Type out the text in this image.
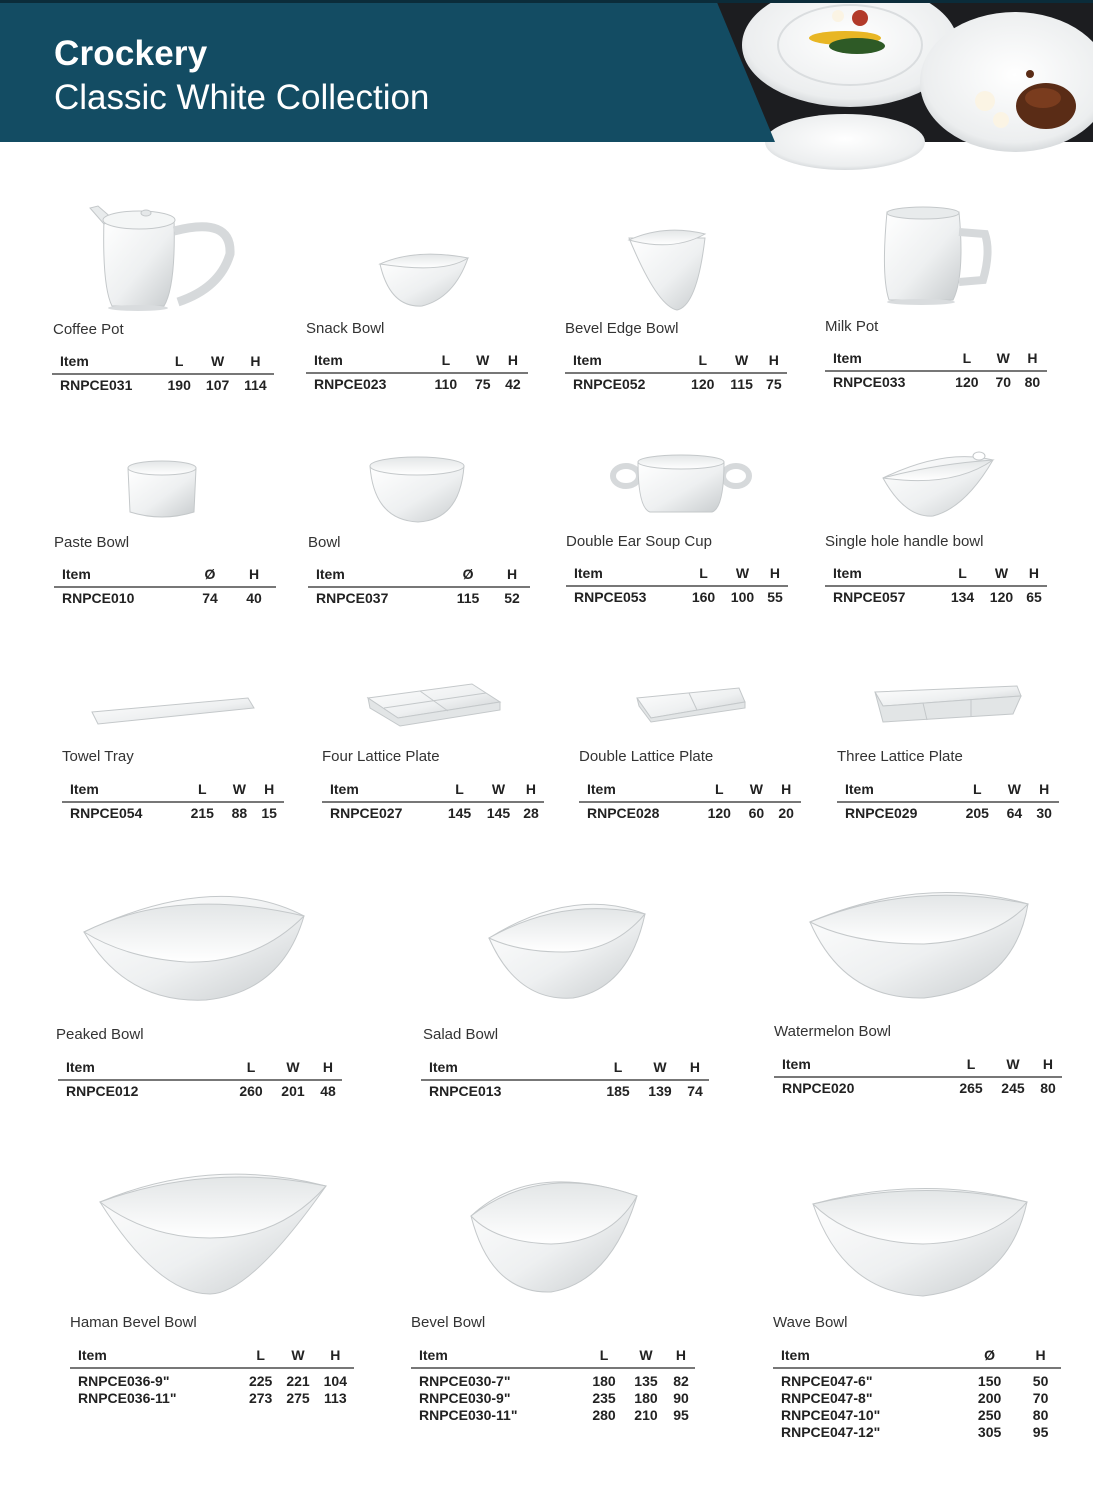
Crockery
Classic White Collection
Coffee Pot
Item	L	W	H
RNPCE031	190	107	114
Snack Bowl
Item	L	W	H
RNPCE023	110	75	42
Bevel Edge Bowl
Item	L	W	H
RNPCE052	120	115	75
Milk Pot
Item	L	W	H
RNPCE033	120	70	80
Paste Bowl
Item	Ø	H
RNPCE010	74	40
Bowl
Item	Ø	H
RNPCE037	115	52
Double Ear Soup Cup
Item	L	W	H
RNPCE053	160	100	55
Single hole handle bowl
Item	L	W	H
RNPCE057	134	120	65
Towel Tray
Item	L	W	H
RNPCE054	215	88	15
Four Lattice Plate
Item	L	W	H
RNPCE027	145	145	28
Double Lattice Plate
Item	L	W	H
RNPCE028	120	60	20
Three Lattice Plate
Item	L	W	H
RNPCE029	205	64	30
Peaked Bowl
Item	L	W	H
RNPCE012	260	201	48
Salad Bowl
Item	L	W	H
RNPCE013	185	139	74
Watermelon Bowl
Item	L	W	H
RNPCE020	265	245	80
Haman Bevel Bowl
Item	L	W	H
RNPCE036-9"	225	221	104
RNPCE036-11"	273	275	113
Bevel Bowl
Item	L	W	H
RNPCE030-7"	180	135	82
RNPCE030-9"	235	180	90
RNPCE030-11"	280	210	95
Wave Bowl
Item	Ø	H
RNPCE047-6"	150	50
RNPCE047-8"	200	70
RNPCE047-10"	250	80
RNPCE047-12"	305	95
